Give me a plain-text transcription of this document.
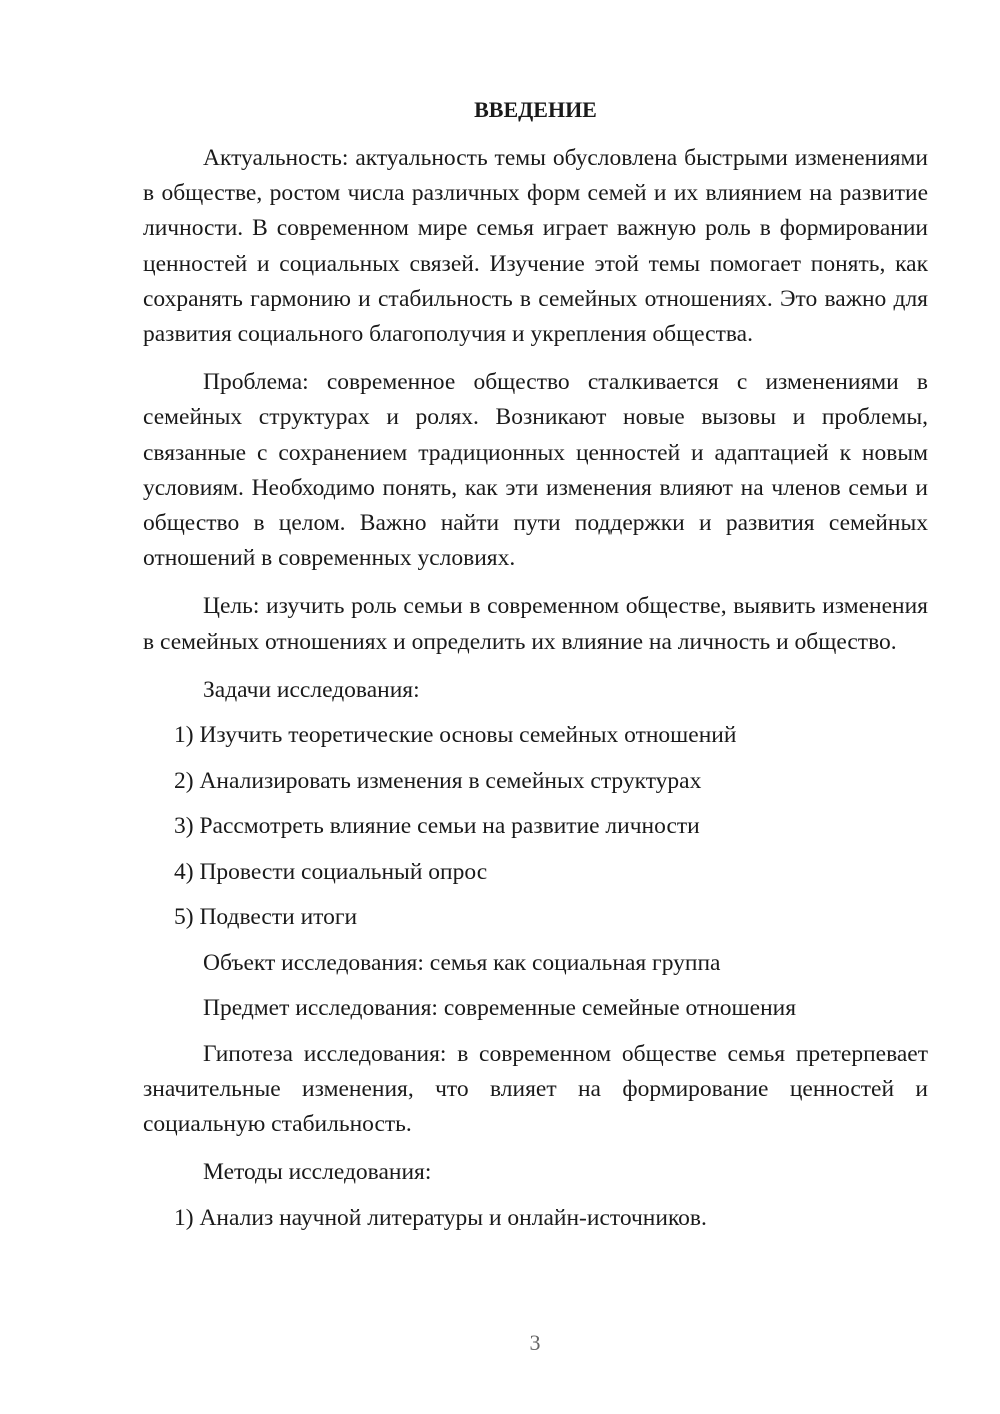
ВВЕДЕНИЕ

Актуальность: актуальность темы обусловлена быстрыми изменениями в обществе, ростом числа различных форм семей и их влиянием на развитие личности. В современном мире семья играет важную роль в формировании ценностей и социальных связей. Изучение этой темы помогает понять, как сохранять гармонию и стабильность в семейных отношениях. Это важно для развития социального благополучия и укрепления общества.

Проблема: современное общество сталкивается с изменениями в семейных структурах и ролях. Возникают новые вызовы и проблемы, связанные с сохранением традиционных ценностей и адаптацией к новым условиям. Необходимо понять, как эти изменения влияют на членов семьи и общество в целом. Важно найти пути поддержки и развития семейных отношений в современных условиях.

Цель: изучить роль семьи в современном обществе, выявить изменения в семейных отношениях и определить их влияние на личность и общество.

Задачи исследования:

1) Изучить теоретические основы семейных отношений

2) Анализировать изменения в семейных структурах

3) Рассмотреть влияние семьи на развитие личности

4) Провести социальный опрос

5) Подвести итоги

Объект исследования: семья как социальная группа

Предмет исследования: современные семейные отношения

Гипотеза исследования: в современном обществе семья претерпевает значительные изменения, что влияет на формирование ценностей и социальную стабильность.

Методы исследования:

1) Анализ научной литературы и онлайн-источников.

3
